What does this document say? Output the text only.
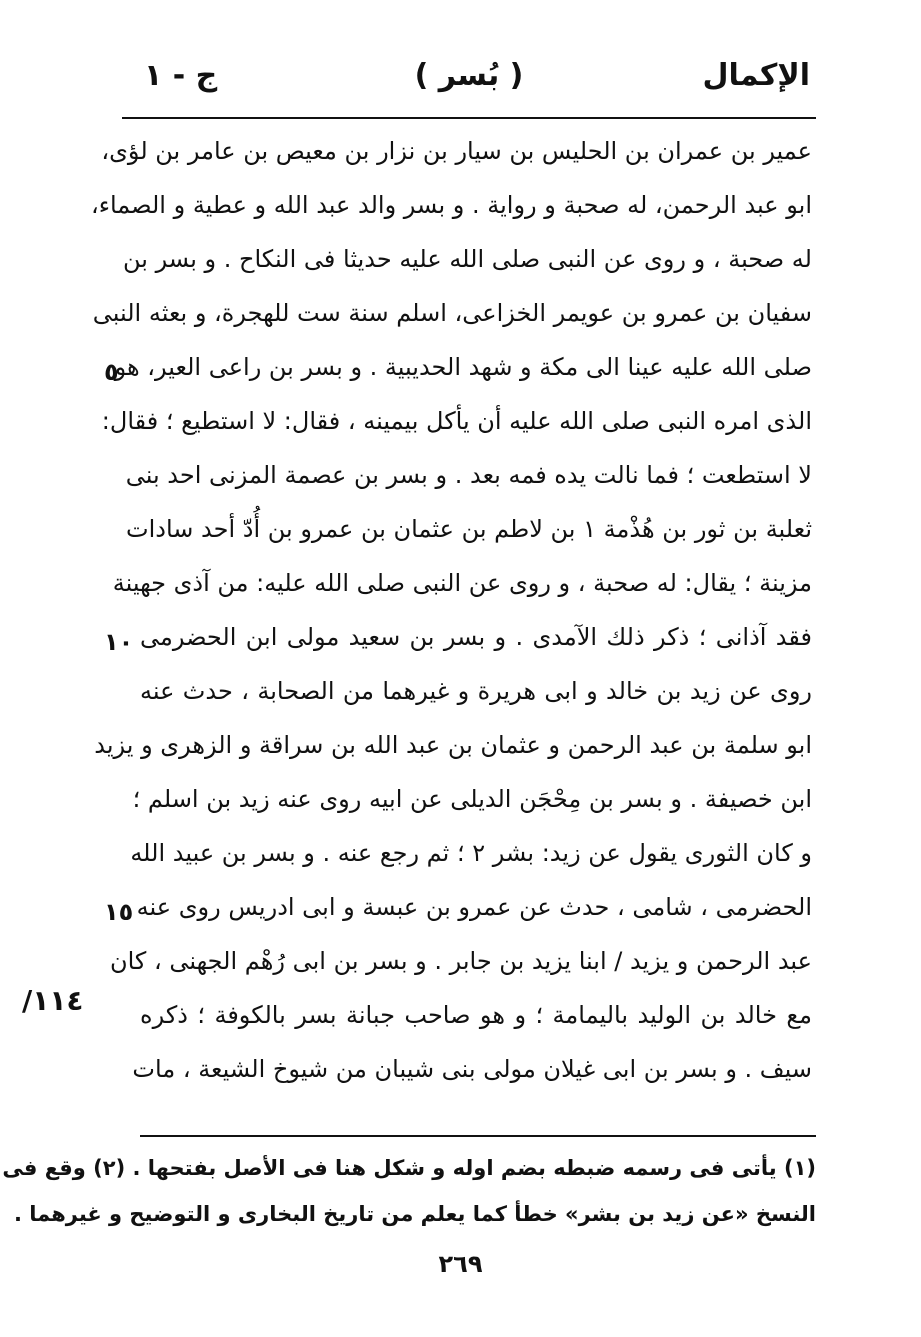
الإكمال
( بُسر )
ج - ١
عمير بن عمران بن الحليس بن سيار بن نزار بن معيص بن عامر بن لؤى،
ابو عبد الرحمن، له صحبة و رواية . و بسر والد عبد الله و عطية و الصماء،
له صحبة ، و روى عن النبى صلى الله عليه حديثا فى النكاح . و بسر بن
سفيان بن عمرو بن عويمر الخزاعى، اسلم سنة ست للهجرة، و بعثه النبى
صلى الله عليه عينا الى مكة و شهد الحديبية . و بسر بن راعى العير، هو
الذى امره النبى صلى الله عليه أن يأكل بيمينه ، فقال: لا استطيع ؛ فقال:
لا استطعت ؛ فما نالت يده فمه بعد . و بسر بن عصمة المزنى احد بنى
ثعلبة بن ثور بن هُذْمة ۱ بن لاطم بن عثمان بن عمرو بن أُدّ أحد سادات
مزينة ؛ يقال: له صحبة ، و روى عن النبى صلى الله عليه: من آذى جهينة
فقد آذانى ؛ ذكر ذلك الآمدى . و بسر بن سعيد مولى ابن الحضرمى
روى عن زيد بن خالد و ابى هريرة و غيرهما من الصحابة ، حدث عنه
ابو سلمة بن عبد الرحمن و عثمان بن عبد الله بن سراقة و الزهرى و يزيد
ابن خصيفة . و بسر بن مِحْجَن الديلى عن ابيه روى عنه زيد بن اسلم ؛
و كان الثورى يقول عن زيد: بشر ۲ ؛ ثم رجع عنه . و بسر بن عبيد الله
الحضرمى ، شامى ، حدث عن عمرو بن عبسة و ابى ادريس روى عنه
عبد الرحمن و يزيد / ابنا يزيد بن جابر . و بسر بن ابى رُهْم الجهنى ، كان
مع خالد بن الوليد باليمامة ؛ و هو صاحب جبانة بسر بالكوفة ؛ ذكره
سيف . و بسر بن ابى غيلان مولى بنى شيبان من شيوخ الشيعة ، مات
٥
١٠
١٥
١١٤/
(۱) يأتى فى رسمه ضبطه بضم اوله و شكل هنا فى الأصل بفتحها . (۲) وقع فى
النسخ «عن زيد بن بشر» خطأ كما يعلم من تاريخ البخارى و التوضيح و غيرهما .
٢٦٩
